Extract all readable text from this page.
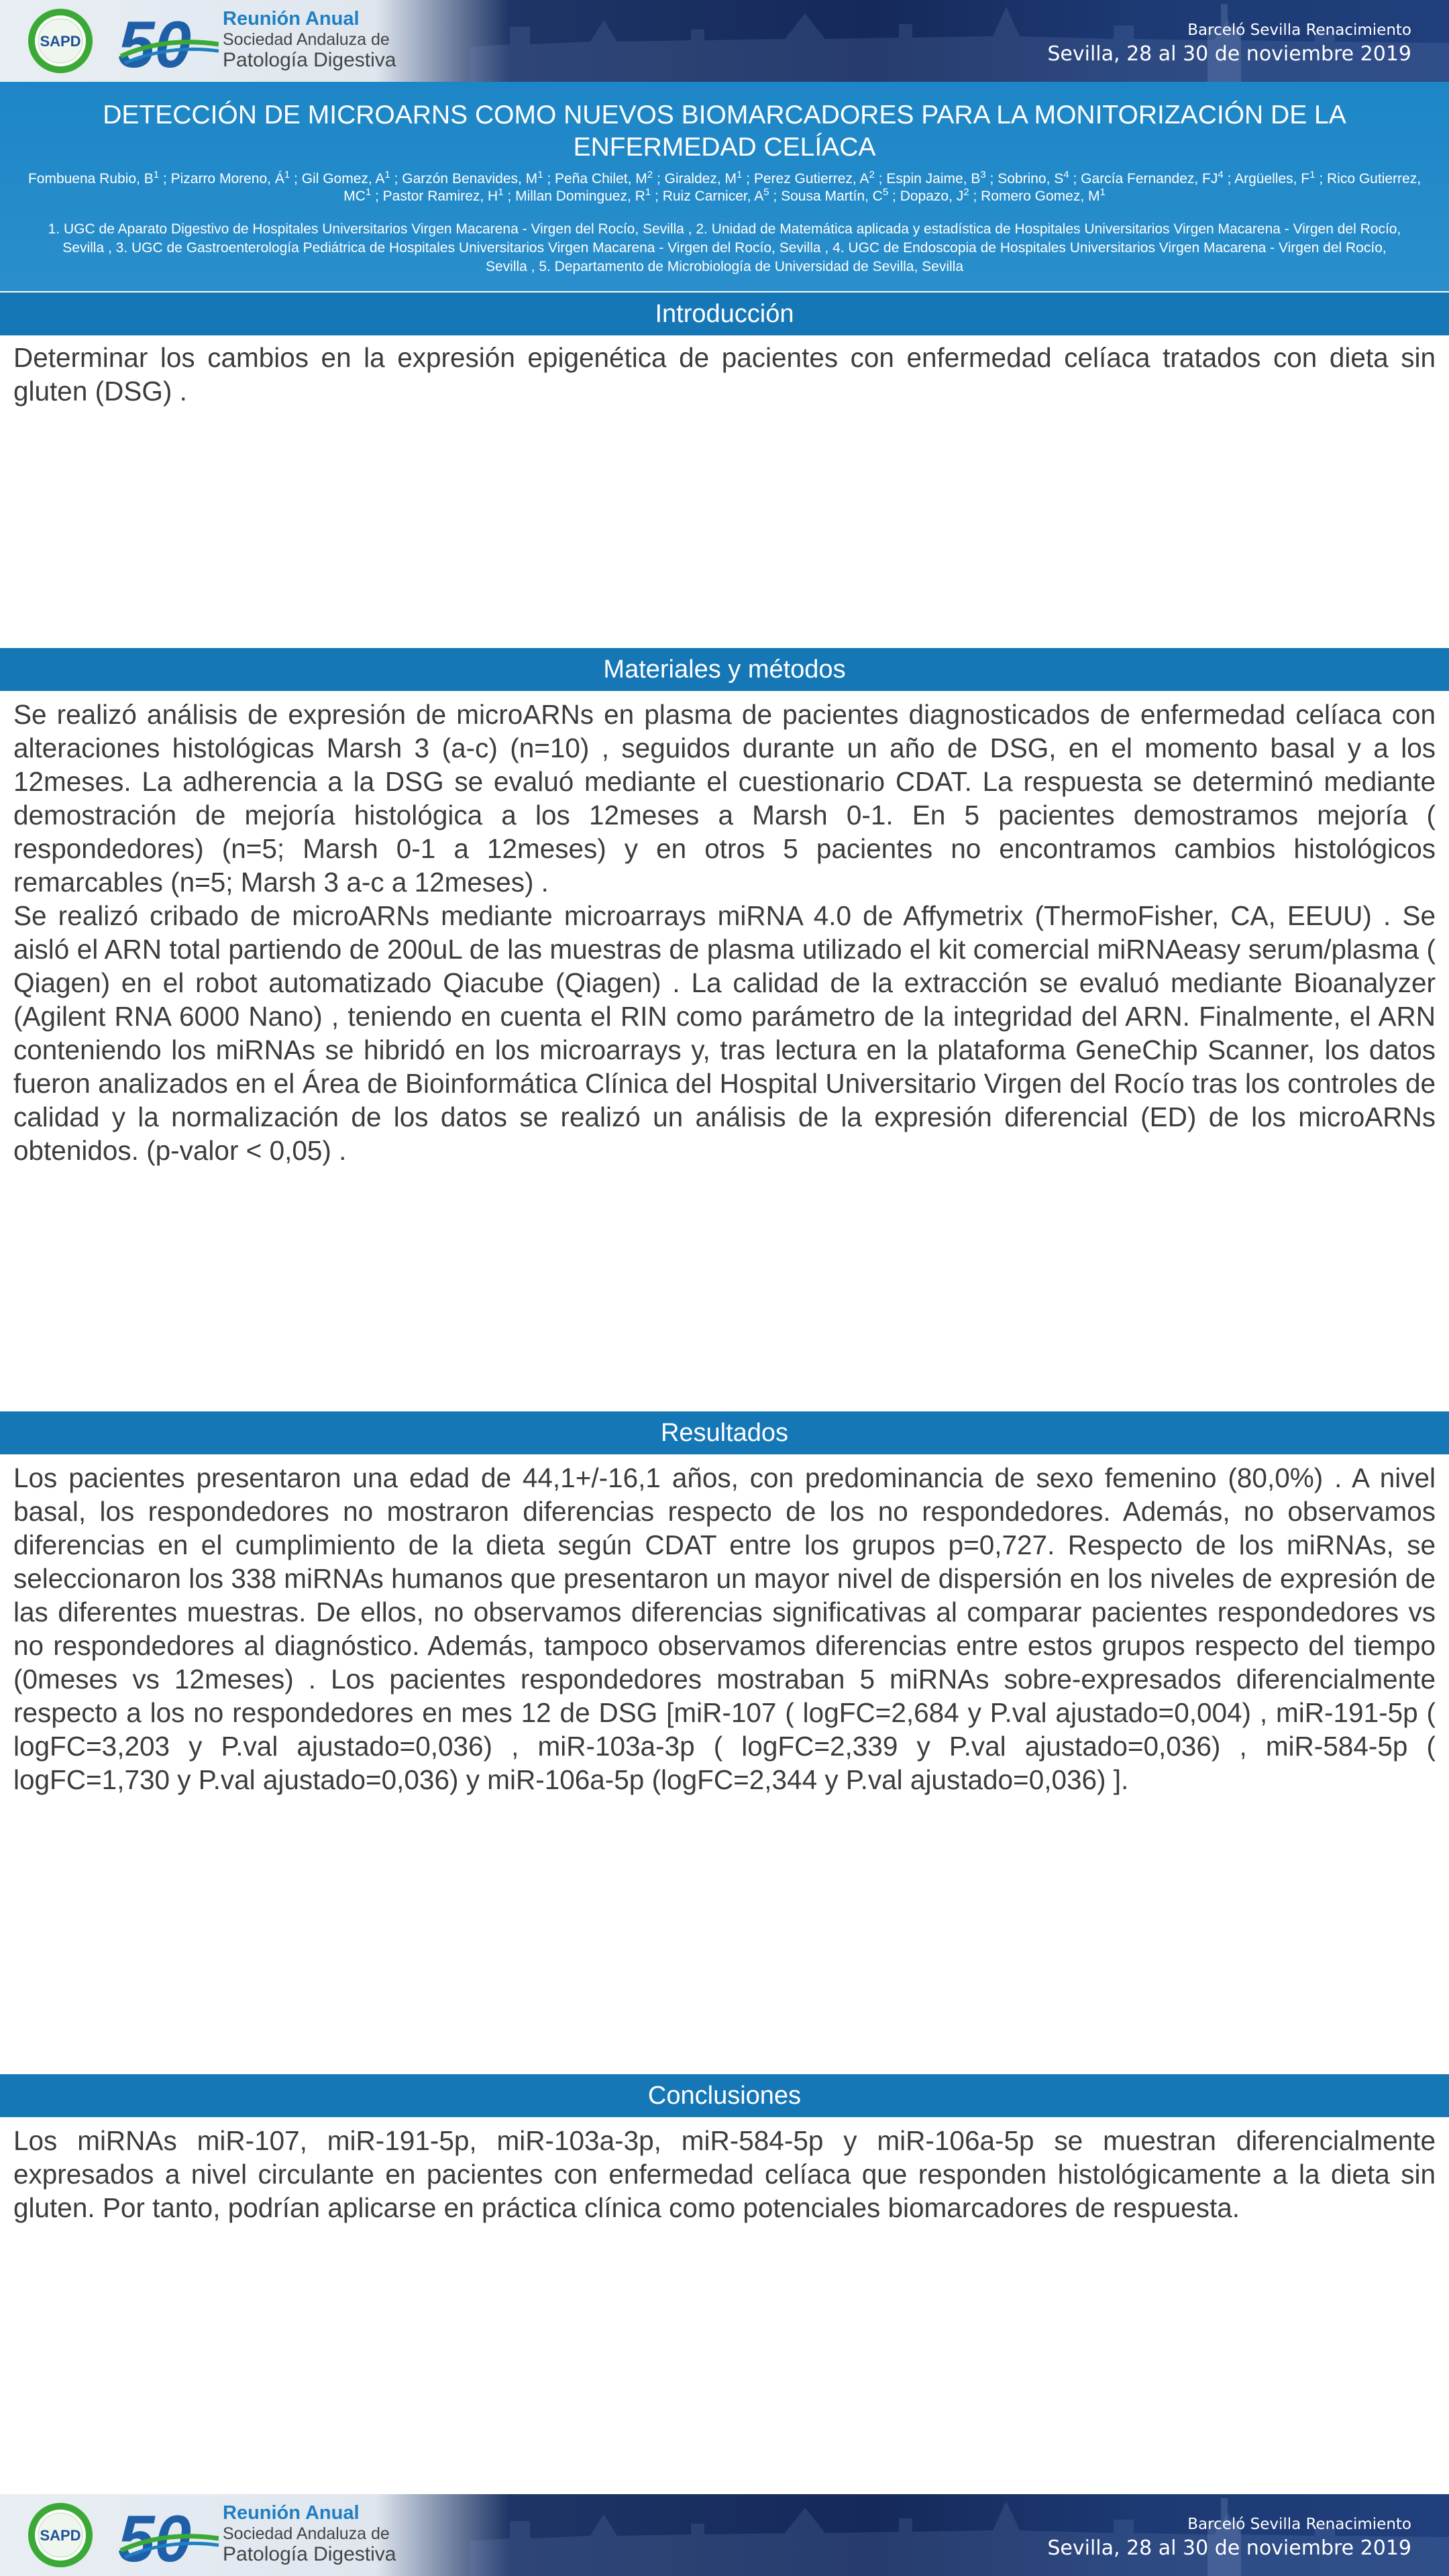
SAPD 50 Reunión Anual
Sociedad Andaluza de
Patología Digestiva
Barceló Sevilla Renacimiento
Sevilla, 28 al 30 de noviembre 2019
DETECCIÓN DE MICROARNS COMO NUEVOS BIOMARCADORES PARA LA MONITORIZACIÓN DE LA ENFERMEDAD CELÍACA
Fombuena Rubio, $B^1$ ; Pizarro Moreno, $Á^1$ ; Gil Gomez, $A^1$ ; Garzón Benavides, $M^1$ ; Peña Chilet, $M^2$ ; Giraldez, $M^1$ ; Perez Gutierrez, $A^2$ ; Espin Jaime, $B^3$ ; Sobrino, $S^4$ ; García Fernandez, $FJ^4$ ; Argüelles, $F^1$ ; Rico Gutierrez, $MC^1$ ; Pastor Ramirez, $H^1$ ; Millan Dominguez, $R^1$ ; Ruiz Carnicer, $A^5$ ; Sousa Martín, $C^5$ ; Dopazo, $J^2$ ; Romero Gomez, $M^1$
1. UGC de Aparato Digestivo de Hospitales Universitarios Virgen Macarena - Virgen del Rocío, Sevilla , 2. Unidad de Matemática aplicada y estadística de Hospitales Universitarios Virgen Macarena - Virgen del Rocío, Sevilla , 3. UGC de Gastroenterología Pediátrica de Hospitales Universitarios Virgen Macarena - Virgen del Rocío, Sevilla , 4. UGC de Endoscopia de Hospitales Universitarios Virgen Macarena - Virgen del Rocío, Sevilla , 5. Departamento de Microbiología de Universidad de Sevilla, Sevilla
Introducción

Determinar los cambios en la expresión epigenética de pacientes con enfermedad celíaca tratados con dieta sin gluten (DSG) .

Materiales y métodos

Se realizó análisis de expresión de microARNs en plasma de pacientes diagnosticados de enfermedad celíaca con alteraciones histológicas Marsh 3 (a-c) (n=10) , seguidos durante un año de DSG, en el momento basal y a los 12meses. La adherencia a la DSG se evaluó mediante el cuestionario CDAT. La respuesta se determinó mediante demostración de mejoría histológica a los 12meses a Marsh 0-1. En 5 pacientes demostramos mejoría ( respondedores) (n=5; Marsh 0-1 a 12meses) y en otros 5 pacientes no encontramos cambios histológicos remarcables (n=5; Marsh 3 a-c a 12meses) .

Se realizó cribado de microARNs mediante microarrays miRNA 4.0 de Affymetrix (ThermoFisher, CA, EEUU) . Se aisló el ARN total partiendo de 200uL de las muestras de plasma utilizado el kit comercial miRNAeasy serum/plasma ( Qiagen) en el robot automatizado Qiacube (Qiagen) . La calidad de la extracción se evaluó mediante Bioanalyzer (Agilent RNA 6000 Nano) , teniendo en cuenta el RIN como parámetro de la integridad del ARN. Finalmente, el ARN conteniendo los miRNAs se hibridó en los microarrays y, tras lectura en la plataforma GeneChip Scanner, los datos fueron analizados en el Área de Bioinformática Clínica del Hospital Universitario Virgen del Rocío tras los controles de calidad y la normalización de los datos se realizó un análisis de la expresión diferencial (ED) de los microARNs obtenidos. (p-valor < 0,05) .

Resultados

Los pacientes presentaron una edad de 44,1+/-16,1 años, con predominancia de sexo femenino (80,0%) . A nivel basal, los respondedores no mostraron diferencias respecto de los no respondedores. Además, no observamos diferencias en el cumplimiento de la dieta según CDAT entre los grupos p=0,727. Respecto de los miRNAs, se seleccionaron los 338 miRNAs humanos que presentaron un mayor nivel de dispersión en los niveles de expresión de las diferentes muestras. De ellos, no observamos diferencias significativas al comparar pacientes respondedores vs no respondedores al diagnóstico. Además, tampoco observamos diferencias entre estos grupos respecto del tiempo (0meses vs 12meses) . Los pacientes respondedores mostraban 5 miRNAs sobre-expresados diferencialmente respecto a los no respondedores en mes 12 de DSG [miR-107 ( logFC=2,684 y P.val ajustado=0,004) , miR-191-5p ( logFC=3,203 y P.val ajustado=0,036) , miR-103a-3p ( logFC=2,339 y P.val ajustado=0,036) , miR-584-5p ( logFC=1,730 y P.val ajustado=0,036) y miR-106a-5p (logFC=2,344 y P.val ajustado=0,036) ].

Conclusiones

Los miRNAs miR-107, miR-191-5p, miR-103a-3p, miR-584-5p y miR-106a-5p se muestran diferencialmente expresados a nivel circulante en pacientes con enfermedad celíaca que responden histológicamente a la dieta sin gluten. Por tanto, podrían aplicarse en práctica clínica como potenciales biomarcadores de respuesta.

SAPD 50 Reunión Anual
Sociedad Andaluza de
Patología Digestiva
Barceló Sevilla Renacimiento
Sevilla, 28 al 30 de noviembre 2019
